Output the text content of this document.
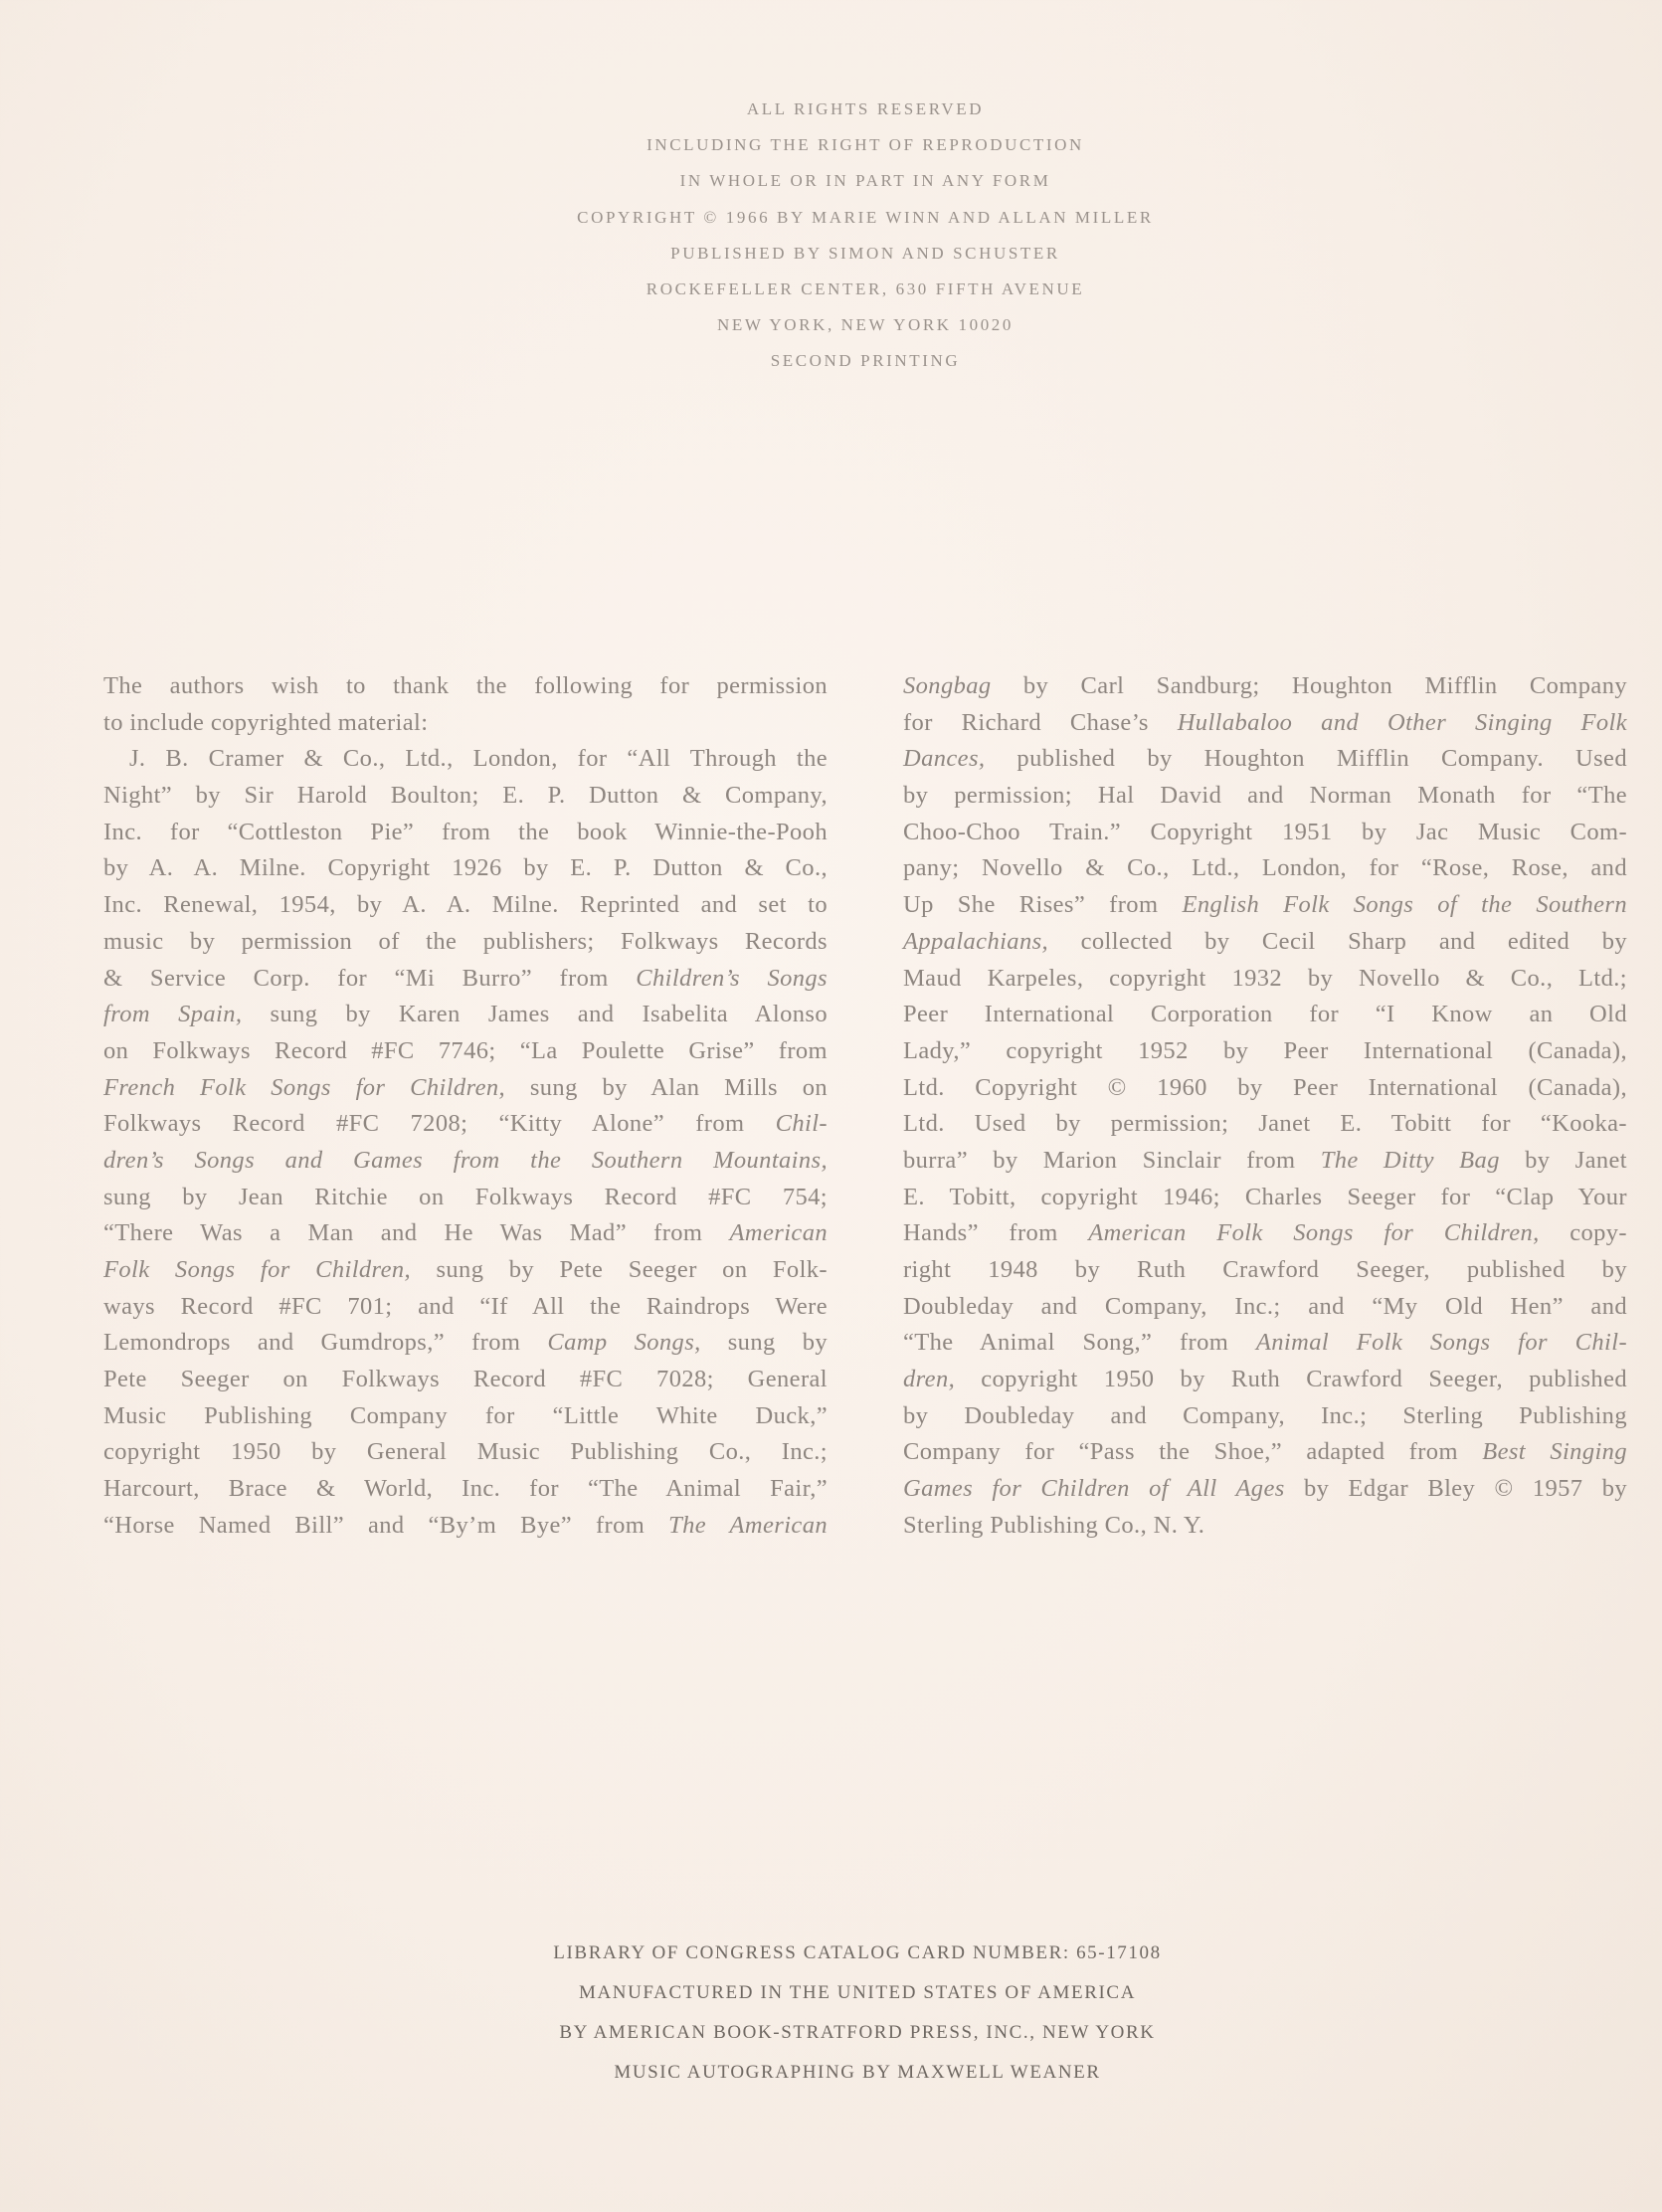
ALL RIGHTS RESERVED
INCLUDING THE RIGHT OF REPRODUCTION
IN WHOLE OR IN PART IN ANY FORM
COPYRIGHT © 1966 BY MARIE WINN AND ALLAN MILLER
PUBLISHED BY SIMON AND SCHUSTER
ROCKEFELLER CENTER, 630 FIFTH AVENUE
NEW YORK, NEW YORK 10020
SECOND PRINTING
The authors wish to thank the following for permission
to include copyrighted material:
J. B. Cramer & Co., Ltd., London, for “All Through the
Night” by Sir Harold Boulton; E. P. Dutton & Company,
Inc. for “Cottleston Pie” from the book Winnie-the-Pooh
by A. A. Milne. Copyright 1926 by E. P. Dutton & Co.,
Inc. Renewal, 1954, by A. A. Milne. Reprinted and set to
music by permission of the publishers; Folkways Records
& Service Corp. for “Mi Burro” from Children’s Songs
from Spain, sung by Karen James and Isabelita Alonso
on Folkways Record #FC 7746; “La Poulette Grise” from
French Folk Songs for Children, sung by Alan Mills on
Folkways Record #FC 7208; “Kitty Alone” from Chil-
dren’s Songs and Games from the Southern Mountains,
sung by Jean Ritchie on Folkways Record #FC 754;
“There Was a Man and He Was Mad” from American
Folk Songs for Children, sung by Pete Seeger on Folk-
ways Record #FC 701; and “If All the Raindrops Were
Lemondrops and Gumdrops,” from Camp Songs, sung by
Pete Seeger on Folkways Record #FC 7028; General
Music Publishing Company for “Little White Duck,”
copyright 1950 by General Music Publishing Co., Inc.;
Harcourt, Brace & World, Inc. for “The Animal Fair,”
“Horse Named Bill” and “By’m Bye” from The American
Songbag by Carl Sandburg; Houghton Mifflin Company
for Richard Chase’s Hullabaloo and Other Singing Folk
Dances, published by Houghton Mifflin Company. Used
by permission; Hal David and Norman Monath for “The
Choo-Choo Train.” Copyright 1951 by Jac Music Com-
pany; Novello & Co., Ltd., London, for “Rose, Rose, and
Up She Rises” from English Folk Songs of the Southern
Appalachians, collected by Cecil Sharp and edited by
Maud Karpeles, copyright 1932 by Novello & Co., Ltd.;
Peer International Corporation for “I Know an Old
Lady,” copyright 1952 by Peer International (Canada),
Ltd. Copyright © 1960 by Peer International (Canada),
Ltd. Used by permission; Janet E. Tobitt for “Kooka-
burra” by Marion Sinclair from The Ditty Bag by Janet
E. Tobitt, copyright 1946; Charles Seeger for “Clap Your
Hands” from American Folk Songs for Children, copy-
right 1948 by Ruth Crawford Seeger, published by
Doubleday and Company, Inc.; and “My Old Hen” and
“The Animal Song,” from Animal Folk Songs for Chil-
dren, copyright 1950 by Ruth Crawford Seeger, published
by Doubleday and Company, Inc.; Sterling Publishing
Company for “Pass the Shoe,” adapted from Best Singing
Games for Children of All Ages by Edgar Bley © 1957 by
Sterling Publishing Co., N. Y.
LIBRARY OF CONGRESS CATALOG CARD NUMBER: 65-17108
MANUFACTURED IN THE UNITED STATES OF AMERICA
BY AMERICAN BOOK-STRATFORD PRESS, INC., NEW YORK
MUSIC AUTOGRAPHING BY MAXWELL WEANER
